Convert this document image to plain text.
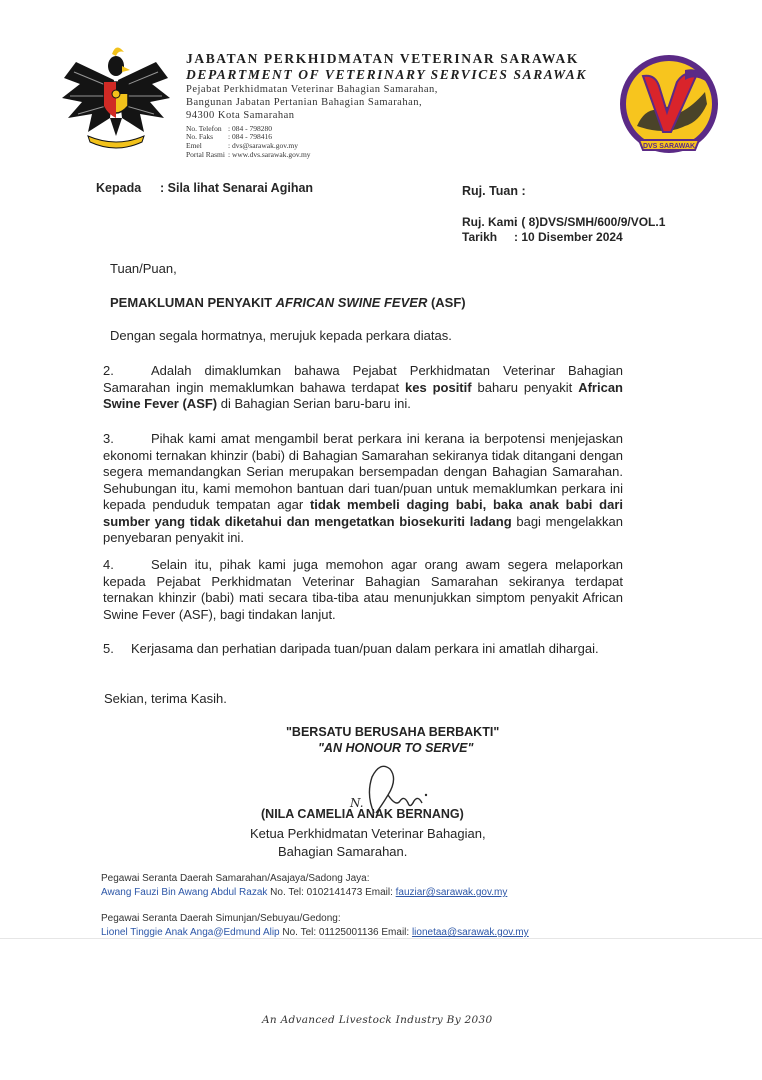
JABATAN PERKHIDMATAN VETERINAR SARAWAK
DEPARTMENT OF VETERINARY SERVICES SARAWAK
Pejabat Perkhidmatan Veterinar Bahagian Samarahan,
Bangunan Jabatan Pertanian Bahagian Samarahan,
94300 Kota Samarahan
No. Telefon : 084 - 798280
No. Faks : 084 - 798416
Emel	: dvs@sarawak.gov.my
Portal Rasmi : www.dvs.sarawak.gov.my
DVS SARAWAK
Kepada : Sila lihat Senarai Agihan	Ruj. Tuan :
Ruj. Kami
: ( 8)DVS/SMH/600/9/VOL.1
Tarikh : 10 Disember 2024
Tuan/Puan,
PEMAKLUMAN PENYAKIT AFRICAN SWINE FEVER (ASF)
Dengan segala hormatnya, merujuk kepada perkara diatas.
2.	Adalah dimaklumkan bahawa Pejabat Perkhidmatan Veterinar Bahagian Samarahan ingin memaklumkan bahawa terdapat kes positif baharu penyakit African Swine Fever (ASF) di Bahagian Serian baru-baru ini.
3.	Pihak kami amat mengambil berat perkara ini kerana ia berpotensi menjejaskan ekonomi ternakan khinzir (babi) di Bahagian Samarahan sekiranya tidak ditangani dengan segera memandangkan Serian merupakan bersempadan dengan Bahagian Samarahan. Sehubungan itu, kami memohon bantuan dari tuan/puan untuk memaklumkan perkara ini kepada penduduk tempatan agar tidak membeli daging babi, baka anak babi dari sumber yang tidak diketahui dan mengetatkan biosekuriti ladang bagi mengelakkan penyebaran penyakit ini.
4.	Selain itu, pihak kami juga memohon agar orang awam segera melaporkan kepada Pejabat Perkhidmatan Veterinar Bahagian Samarahan sekiranya terdapat ternakan khinzir (babi) mati secara tiba-tiba atau menunjukkan simptom penyakit African Swine Fever (ASF), bagi tindakan lanjut.
5. Kerjasama dan perhatian daripada tuan/puan dalam perkara ini amatlah dihargai.
Sekian, terima Kasih.
"BERSATU BERUSAHA BERBAKTI"
"AN HONOUR TO SERVE"
N.
(NILA CAMELIA ANAK BERNANG)
Ketua Perkhidmatan Veterinar Bahagian,
Bahagian Samarahan.
Pegawai Seranta Daerah Samarahan/Asajaya/Sadong Jaya:
Awang Fauzi Bin Awang Abdul Razak No. Tel: 0102141473 Email: fauziar@sarawak.gov.my
Pegawai Seranta Daerah Simunjan/Sebuyau/Gedong:
Lionel Tinggie Anak Anga@Edmund Alip No. Tel: 01125001136 Email: lionetaa@sarawak.gov.my
An Advanced Livestock Industry By 2030
